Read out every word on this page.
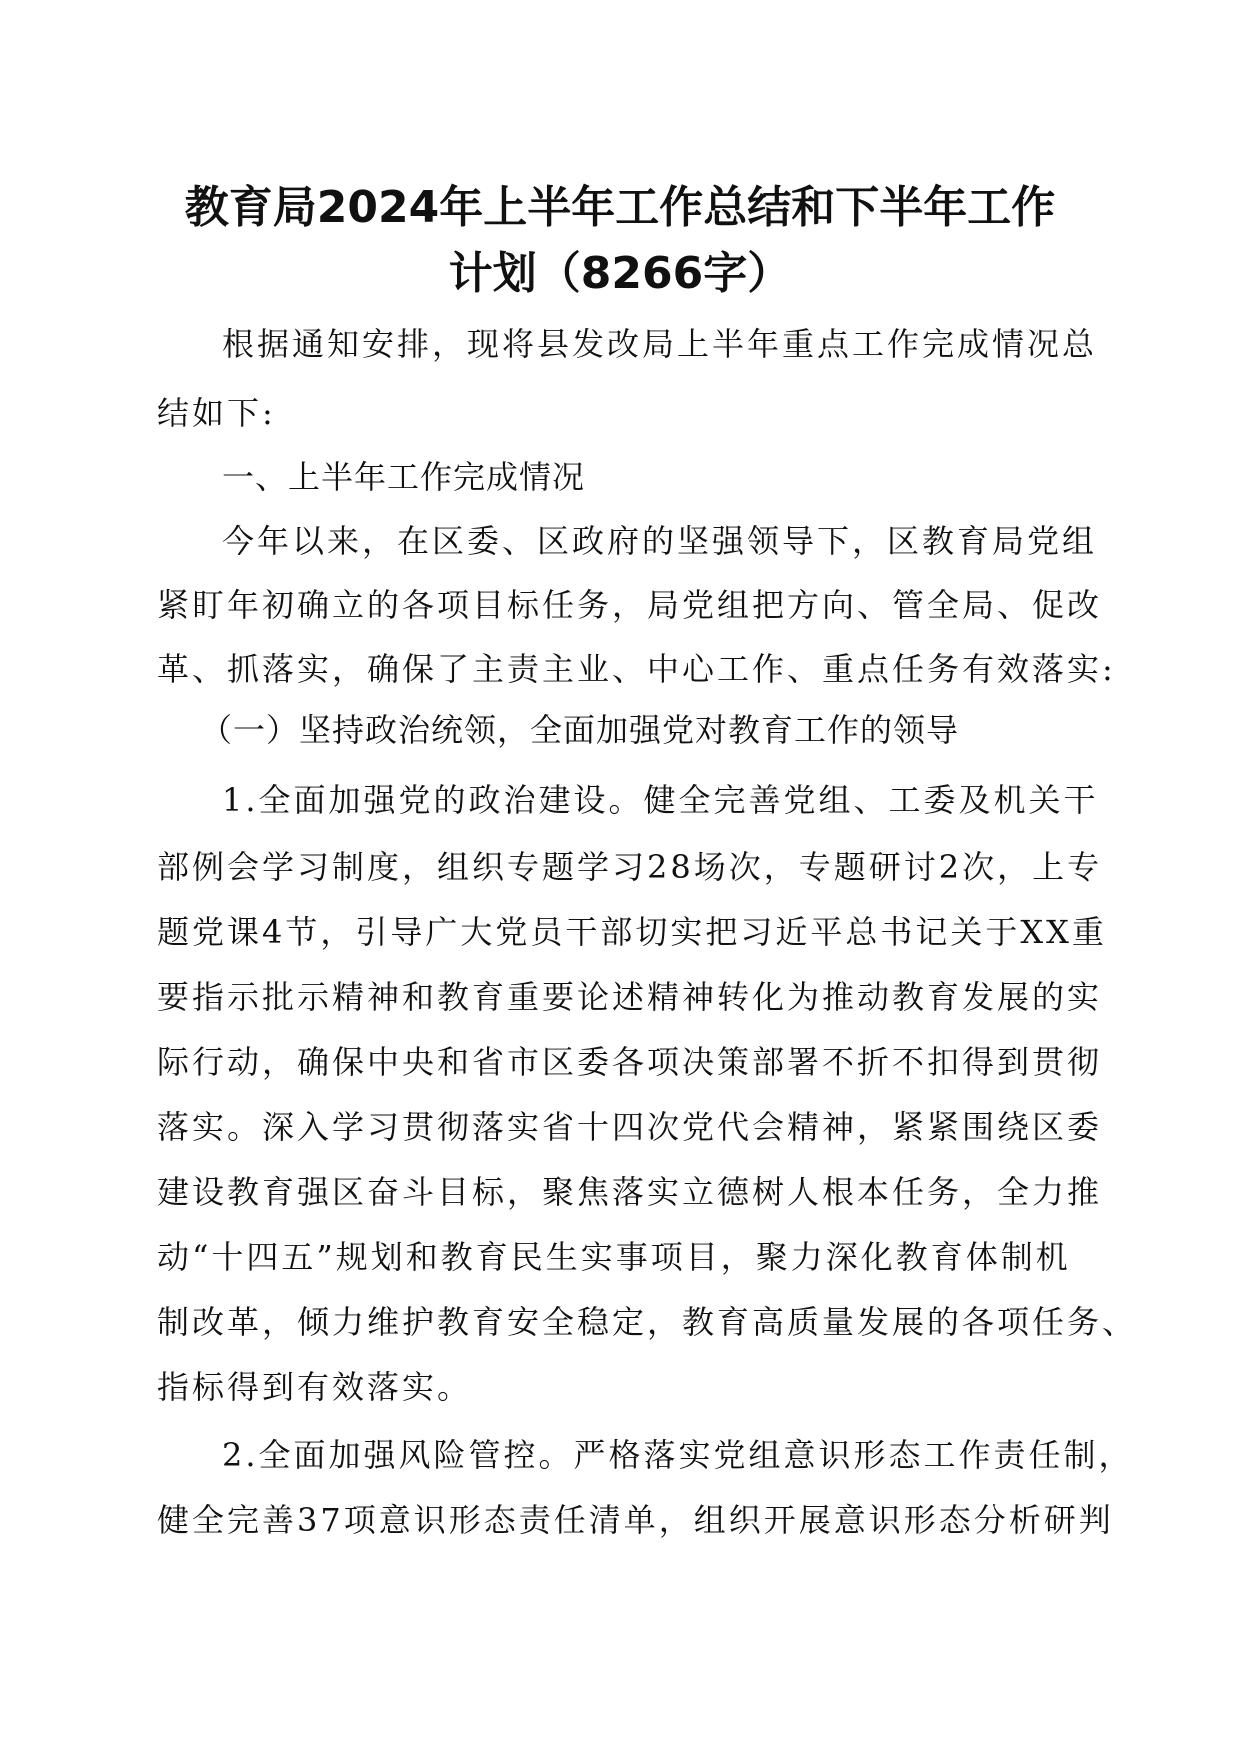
教育局2024年上半年工作总结和下半年工作
计划（8266字）

根据通知安排，现将县发改局上半年重点工作完成情况总

结如下:

一、上半年工作完成情况

今年以来，在区委、区政府的坚强领导下，区教育局党组

紧盯年初确立的各项目标任务，局党组把方向、管全局、促改

革、抓落实，确保了主责主业、中心工作、重点任务有效落实:

（一）坚持政治统领，全面加强党对教育工作的领导

1.全面加强党的政治建设。健全完善党组、工委及机关干

部例会学习制度，组织专题学习28场次，专题研讨2次，上专

题党课4节，引导广大党员干部切实把习近平总书记关于XX重

要指示批示精神和教育重要论述精神转化为推动教育发展的实

际行动，确保中央和省市区委各项决策部署不折不扣得到贯彻

落实。深入学习贯彻落实省十四次党代会精神，紧紧围绕区委

建设教育强区奋斗目标，聚焦落实立德树人根本任务，全力推

动“十四五”规划和教育民生实事项目，聚力深化教育体制机

制改革，倾力维护教育安全稳定，教育高质量发展的各项任务、

指标得到有效落实。

2.全面加强风险管控。严格落实党组意识形态工作责任制，

健全完善37项意识形态责任清单，组织开展意识形态分析研判
